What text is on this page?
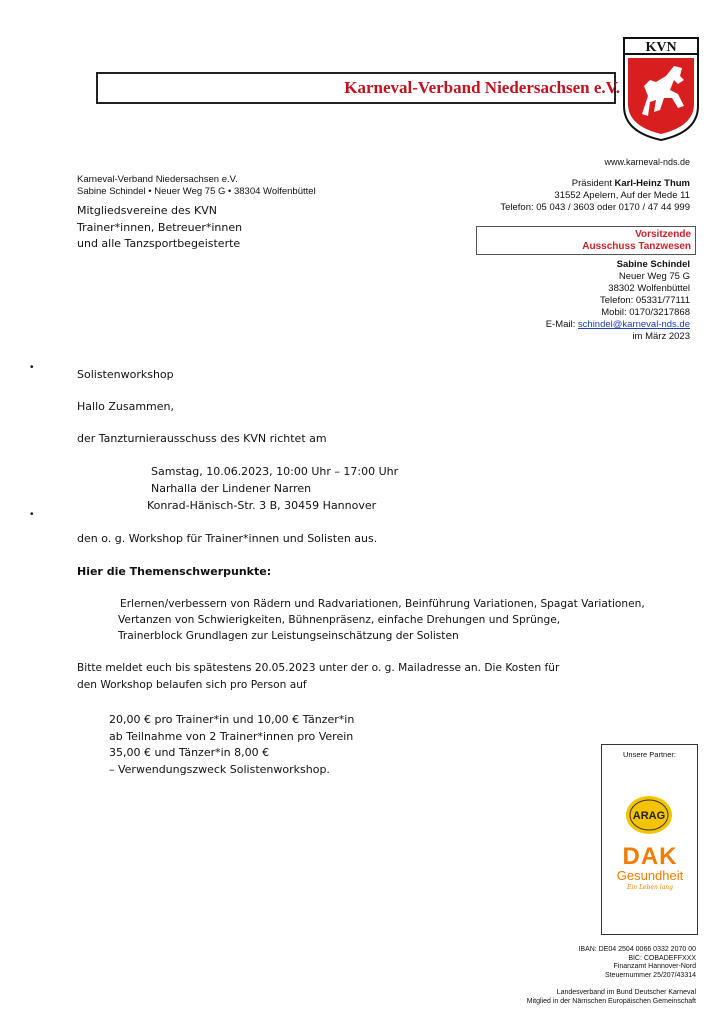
Karneval-Verband Niedersachsen e.V.
KVN
www.karneval-nds.de
Karneval-Verband Niedersachsen e.V.
Sabine Schindel • Neuer Weg 75 G • 38304 Wolfenbüttel
Mitgliedsvereine des KVN
Trainer*innen, Betreuer*innen
und alle Tanzsportbegeisterte
Präsident Karl-Heinz Thum
31552 Apelern, Auf der Mede 11
Telefon: 05 043 / 3603 oder 0170 / 47 44 999
Vorsitzende
Ausschuss Tanzwesen
Sabine Schindel
Neuer Weg 75 G
38302 Wolfenbüttel
Telefon: 05331/77111
Mobil: 0170/3217868
E-Mail: schindel@karneval-nds.de
im März 2023
•
•
Solistenworkshop
Hallo Zusammen,
der Tanzturnierausschuss des KVN richtet am
Samstag, 10.06.2023, 10:00 Uhr – 17:00 Uhr
Narhalla der Lindener Narren
Konrad-Hänisch-Str. 3 B, 30459 Hannover
den o. g. Workshop für Trainer*innen und Solisten aus.
Hier die Themenschwerpunkte:
Erlernen/verbessern von Rädern und Radvariationen, Beinführung Variationen, Spagat Variationen,
Vertanzen von Schwierigkeiten, Bühnenpräsenz, einfache Drehungen und Sprünge,
Trainerblock Grundlagen zur Leistungseinschätzung der Solisten
Bitte meldet euch bis spätestens 20.05.2023 unter der o. g. Mailadresse an. Die Kosten für
den Workshop belaufen sich pro Person auf
20,00 € pro Trainer*in und 10,00 € Tänzer*in
ab Teilnahme von 2 Trainer*innen pro Verein
35,00 € und Tänzer*in 8,00 €
– Verwendungszweck Solistenworkshop.
Unsere Partner:
ARAG
DAK
Gesundheit
Ein Leben lang
IBAN: DE04 2504 0066 0332 2070 00
BIC: COBADEFFXXX
Finanzamt Hannover-Nord
Steuernummer 25/207/43314
Landesverband im Bund Deutscher Karneval
Mitglied in der Närrischen Europäischen Gemeinschaft
